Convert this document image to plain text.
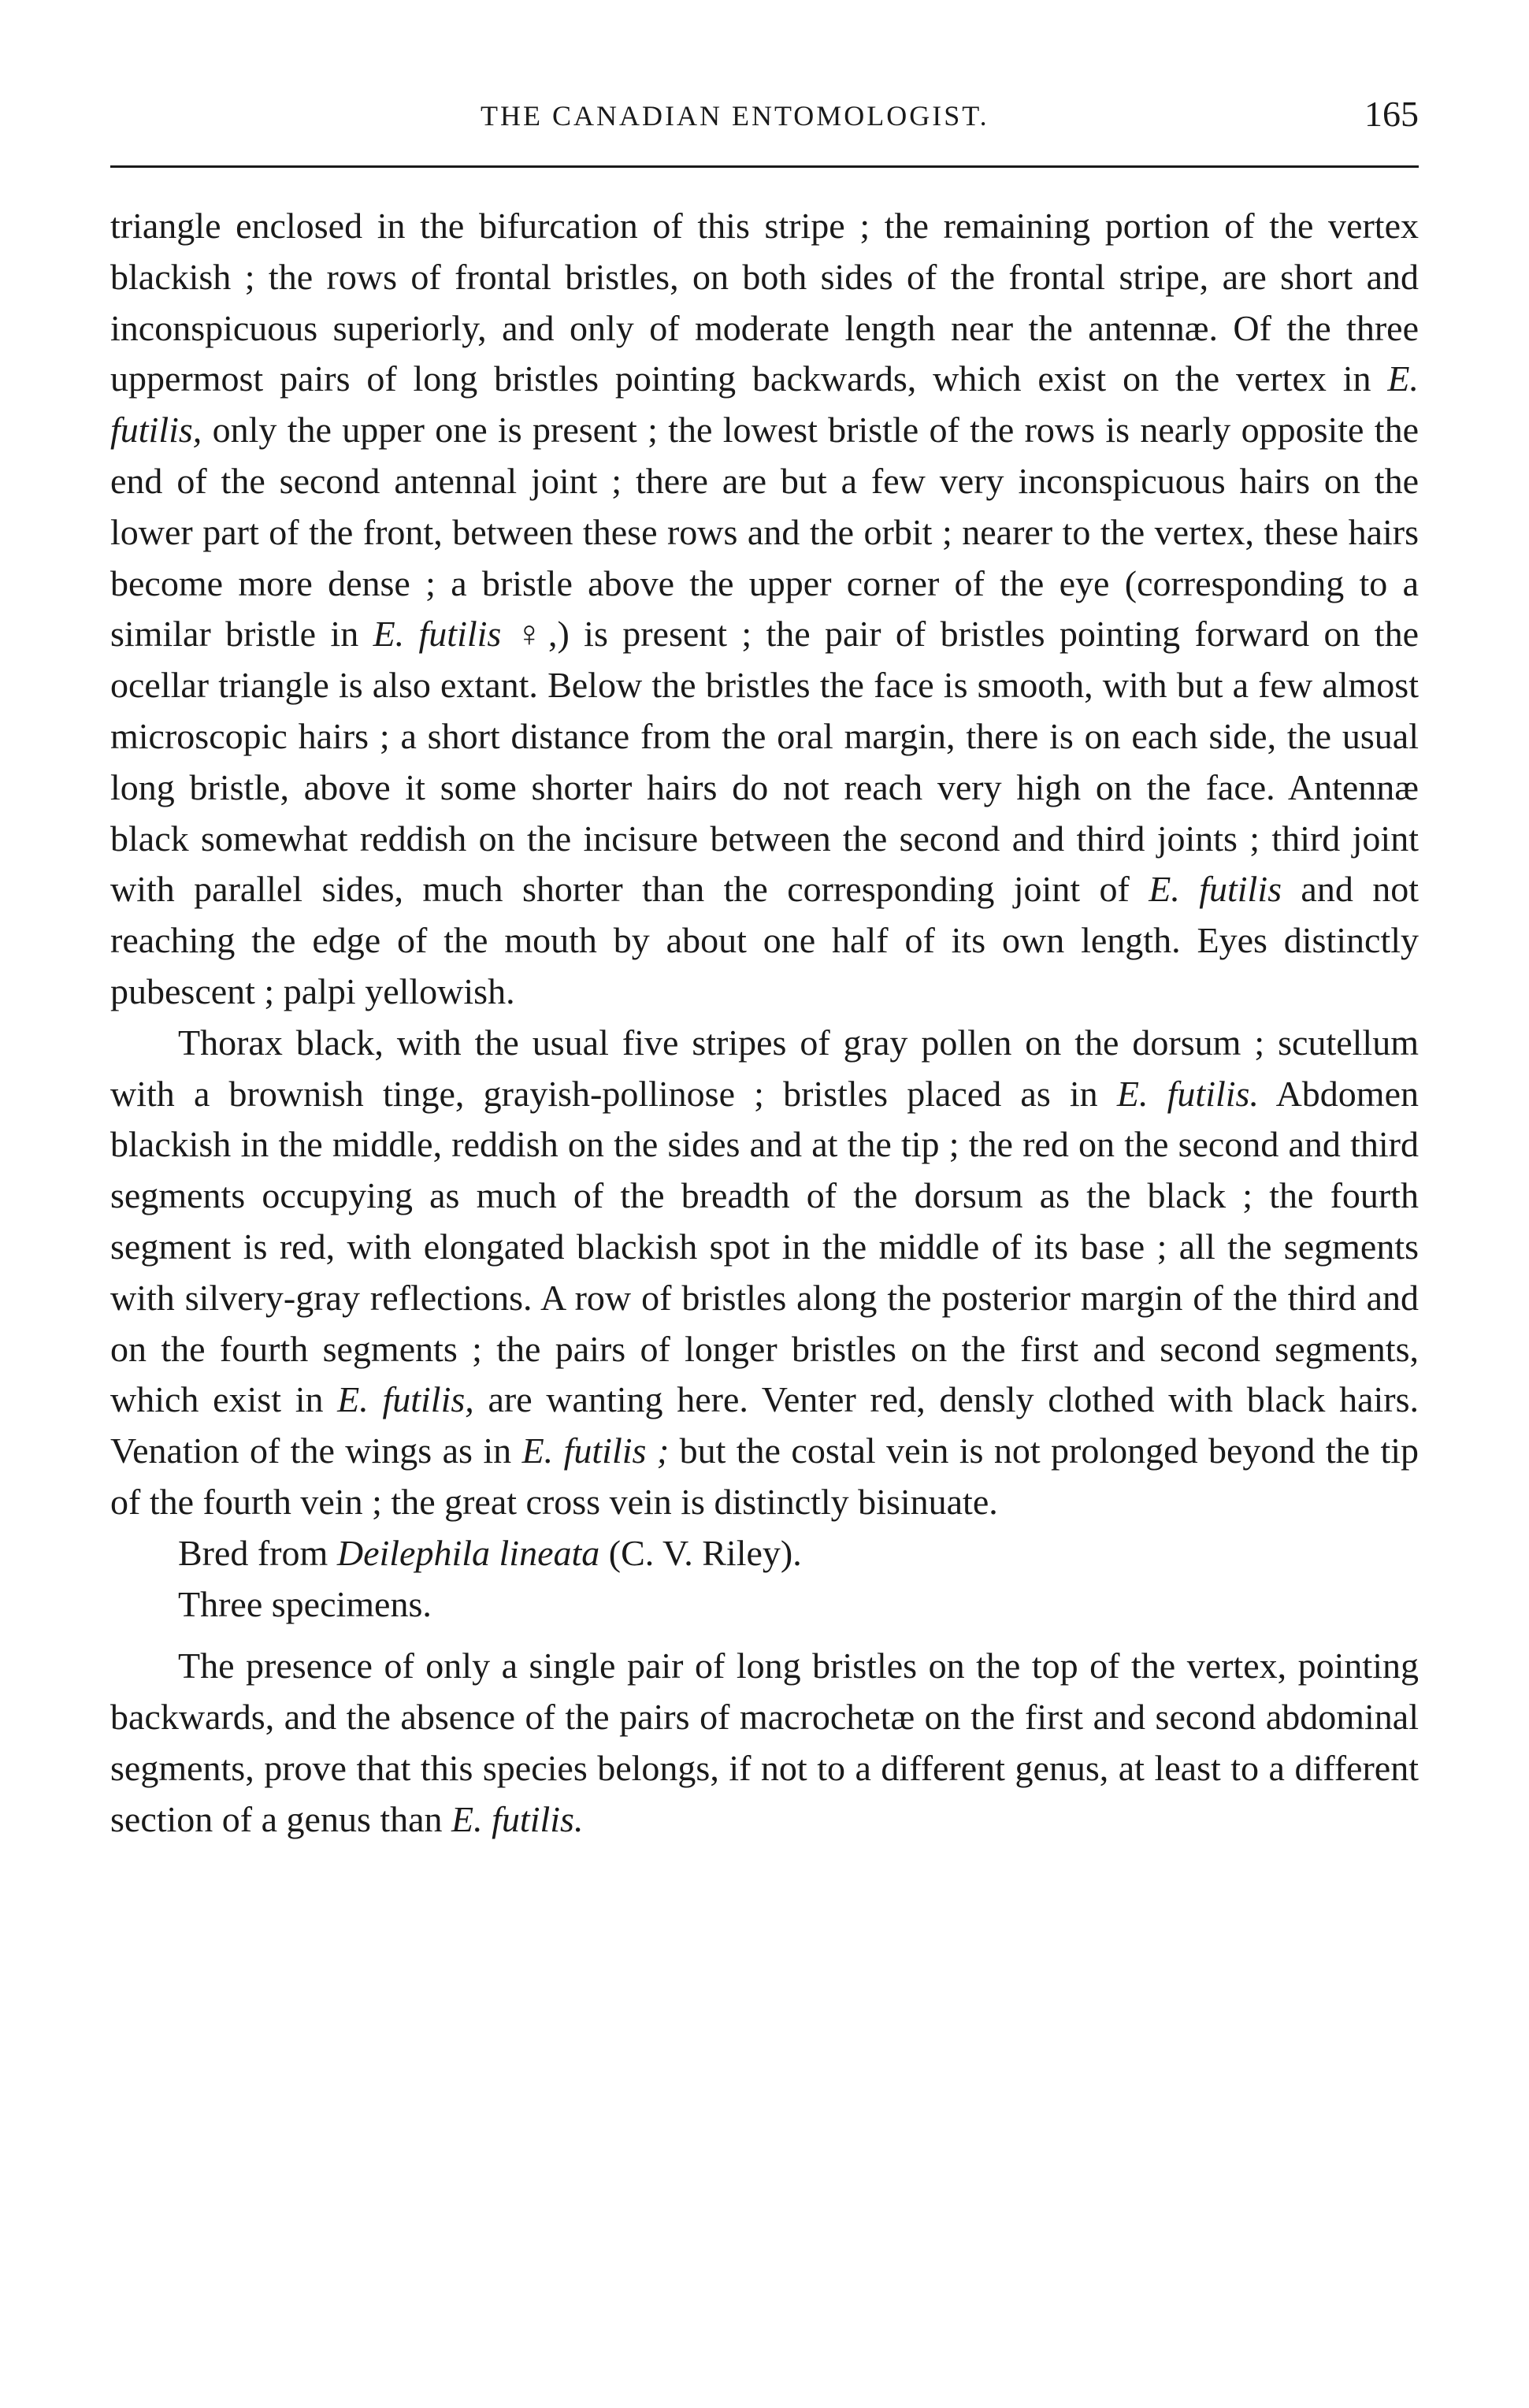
THE CANADIAN ENTOMOLOGIST.	165

triangle enclosed in the bifurcation of this stripe ; the remaining portion of the vertex blackish ; the rows of frontal bristles, on both sides of the frontal stripe, are short and inconspicuous superiorly, and only of moderate length near the antennæ. Of the three uppermost pairs of long bristles pointing backwards, which exist on the vertex in E. futilis, only the upper one is present ; the lowest bristle of the rows is nearly opposite the end of the second antennal joint ; there are but a few very inconspicuous hairs on the lower part of the front, between these rows and the orbit ; nearer to the vertex, these hairs become more dense ; a bristle above the upper corner of the eye (corresponding to a similar bristle in E. futilis ♀,) is present ; the pair of bristles pointing forward on the ocellar triangle is also extant. Below the bristles the face is smooth, with but a few almost microscopic hairs ; a short distance from the oral margin, there is on each side, the usual long bristle, above it some shorter hairs do not reach very high on the face. Antennæ black somewhat reddish on the incisure between the second and third joints ; third joint with parallel sides, much shorter than the corresponding joint of E. futilis and not reaching the edge of the mouth by about one half of its own length. Eyes distinctly pubescent ; palpi yellowish.

Thorax black, with the usual five stripes of gray pollen on the dorsum ; scutellum with a brownish tinge, grayish-pollinose ; bristles placed as in E. futilis. Abdomen blackish in the middle, reddish on the sides and at the tip ; the red on the second and third segments occupying as much of the breadth of the dorsum as the black ; the fourth segment is red, with elongated blackish spot in the middle of its base ; all the segments with silvery-gray reflections. A row of bristles along the posterior margin of the third and on the fourth segments ; the pairs of longer bristles on the first and second segments, which exist in E. futilis, are wanting here. Venter red, densly clothed with black hairs. Venation of the wings as in E. futilis ; but the costal vein is not prolonged beyond the tip of the fourth vein ; the great cross vein is distinctly bisinuate.

Bred from Deilephila lineata (C. V. Riley).

Three specimens.

The presence of only a single pair of long bristles on the top of the vertex, pointing backwards, and the absence of the pairs of macrochetæ on the first and second abdominal segments, prove that this species belongs, if not to a different genus, at least to a different section of a genus than E. futilis.
